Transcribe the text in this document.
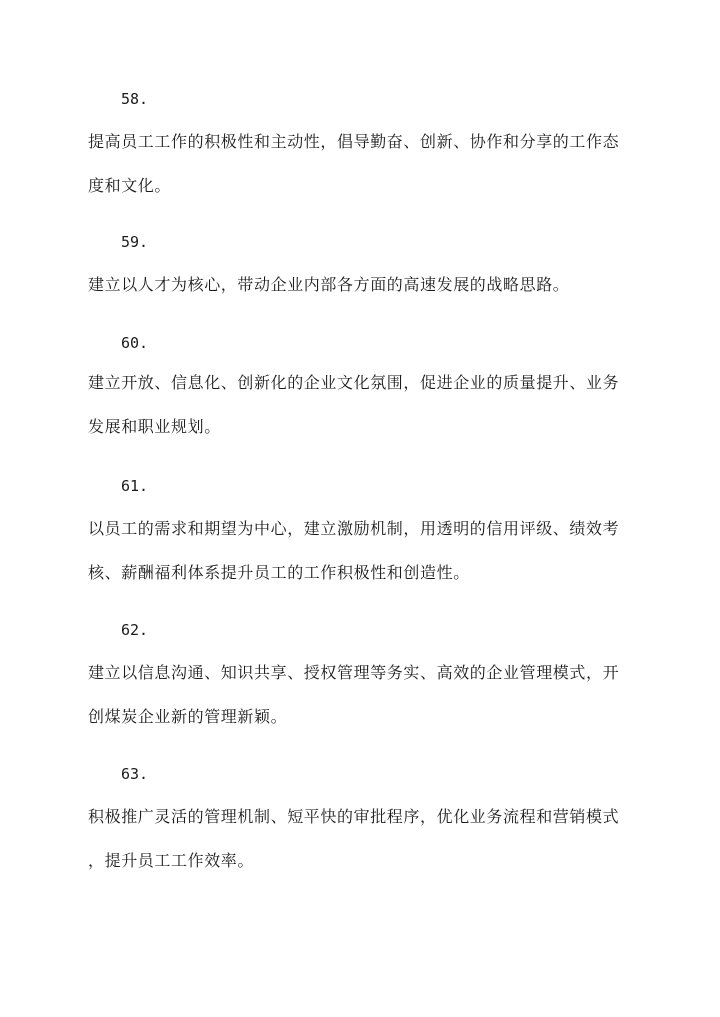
58.
提高员工工作的积极性和主动性，倡导勤奋、创新、协作和分享的工作态
度和文化。
59.
建立以人才为核心，带动企业内部各方面的高速发展的战略思路。
60.
建立开放、信息化、创新化的企业文化氛围，促进企业的质量提升、业务
发展和职业规划。
61.
以员工的需求和期望为中心，建立激励机制，用透明的信用评级、绩效考
核、薪酬福利体系提升员工的工作积极性和创造性。
62.
建立以信息沟通、知识共享、授权管理等务实、高效的企业管理模式，开
创煤炭企业新的管理新颖。
63.
积极推广灵活的管理机制、短平快的审批程序，优化业务流程和营销模式
，提升员工工作效率。
